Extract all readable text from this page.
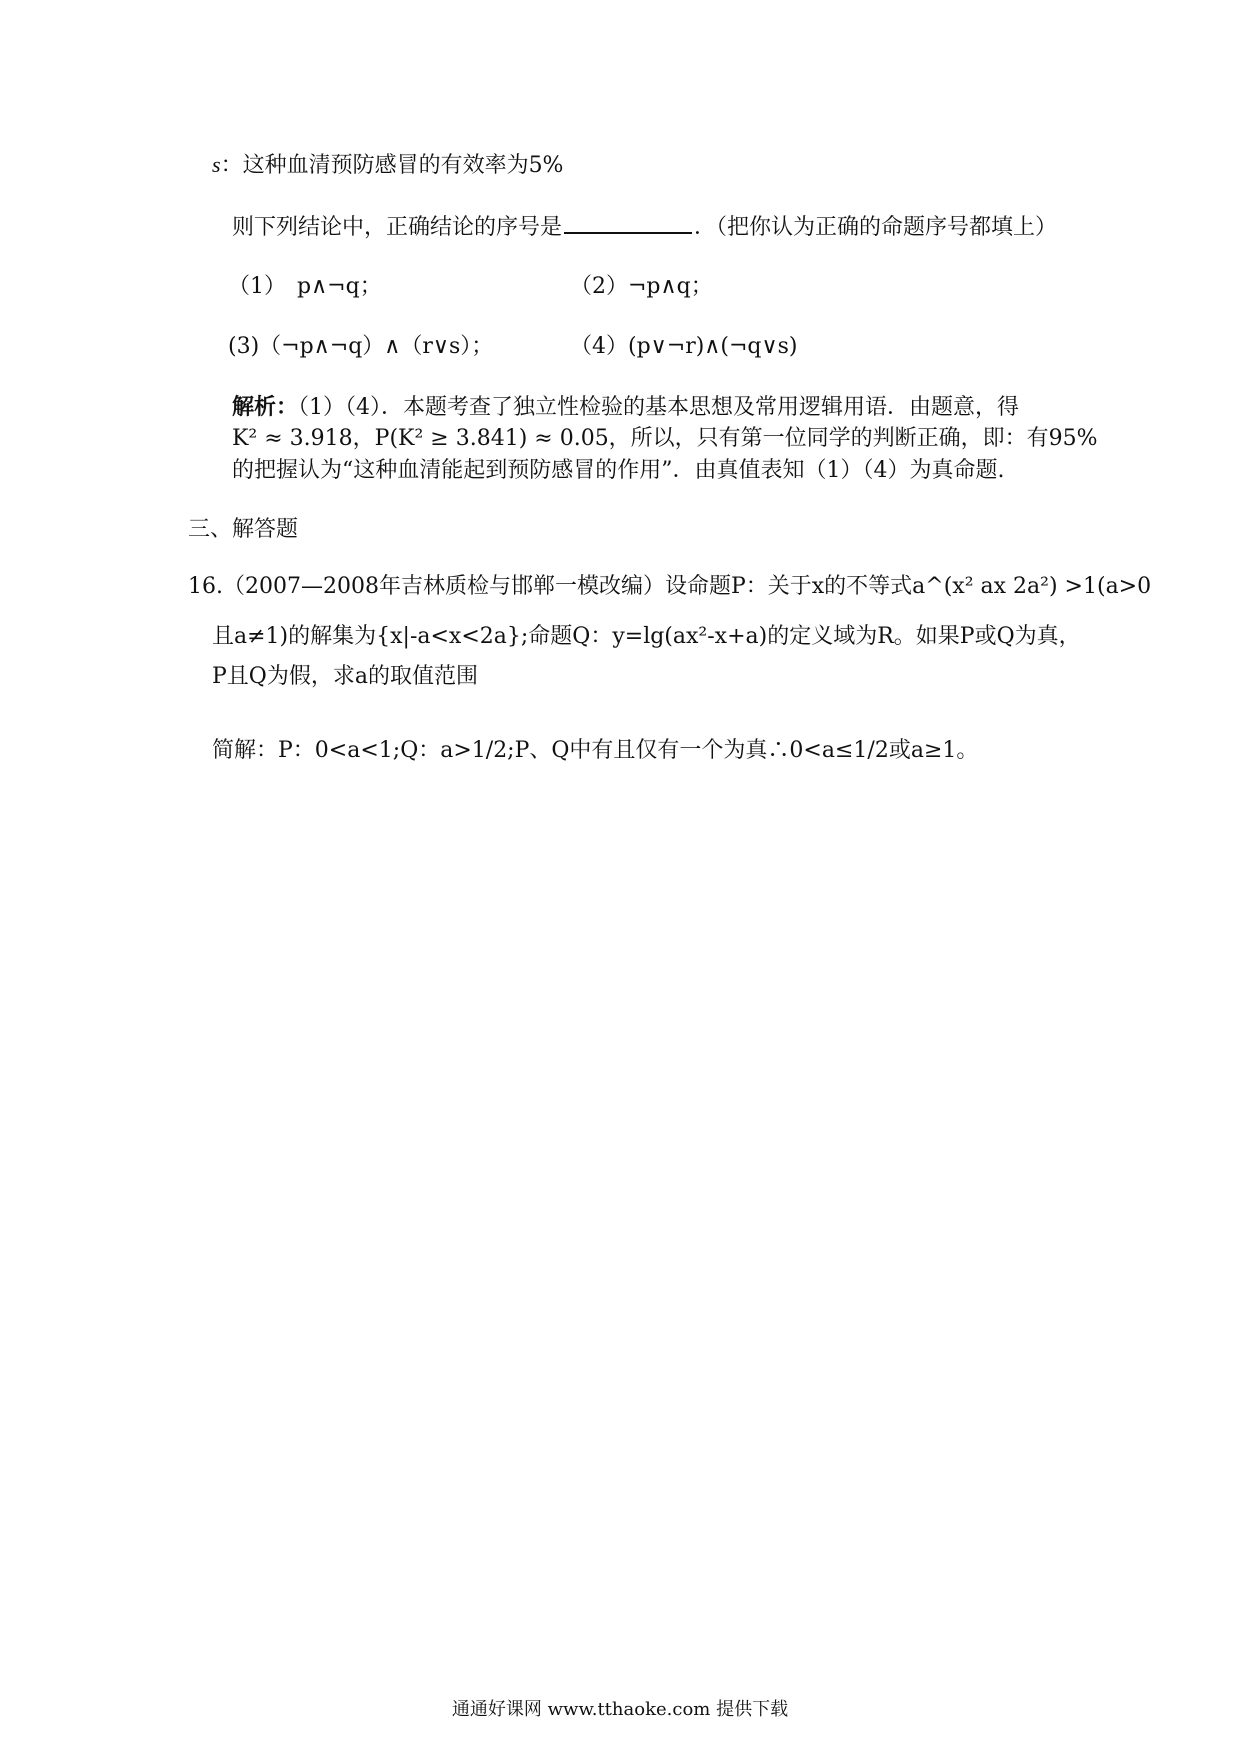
s：这种血清预防感冒的有效率为5%
则下列结论中，正确结论的序号是	．（把你认为正确的命题序号都填上）
（1）　p∧¬q；	（2）¬p∧q；
(3)（¬p∧¬q）∧（r∨s）；	（4）(p∨¬r)∧(¬q∨s)
解析：（1）（4）．本题考查了独立性检验的基本思想及常用逻辑用语．由题意，得
K² ≈ 3.918，P(K² ≥ 3.841) ≈ 0.05，所以，只有第一位同学的判断正确，即：有95%
的把握认为“这种血清能起到预防感冒的作用”．由真值表知（1）（4）为真命题.
三、解答题
16.（2007—2008年吉林质检与邯郸一模改编）设命题P：关于x的不等式a^(x² ax 2a²) >1(a>0
且a≠1)的解集为{x|-a<x<2a};命题Q：y=lg(ax²-x+a)的定义域为R。如果P或Q为真，
P且Q为假，求a的取值范围
简解：P：0<a<1;Q：a>1/2;P、Q中有且仅有一个为真∴0<a≤1/2或a≥1。
通通好课网 www.tthaoke.com 提供下载
